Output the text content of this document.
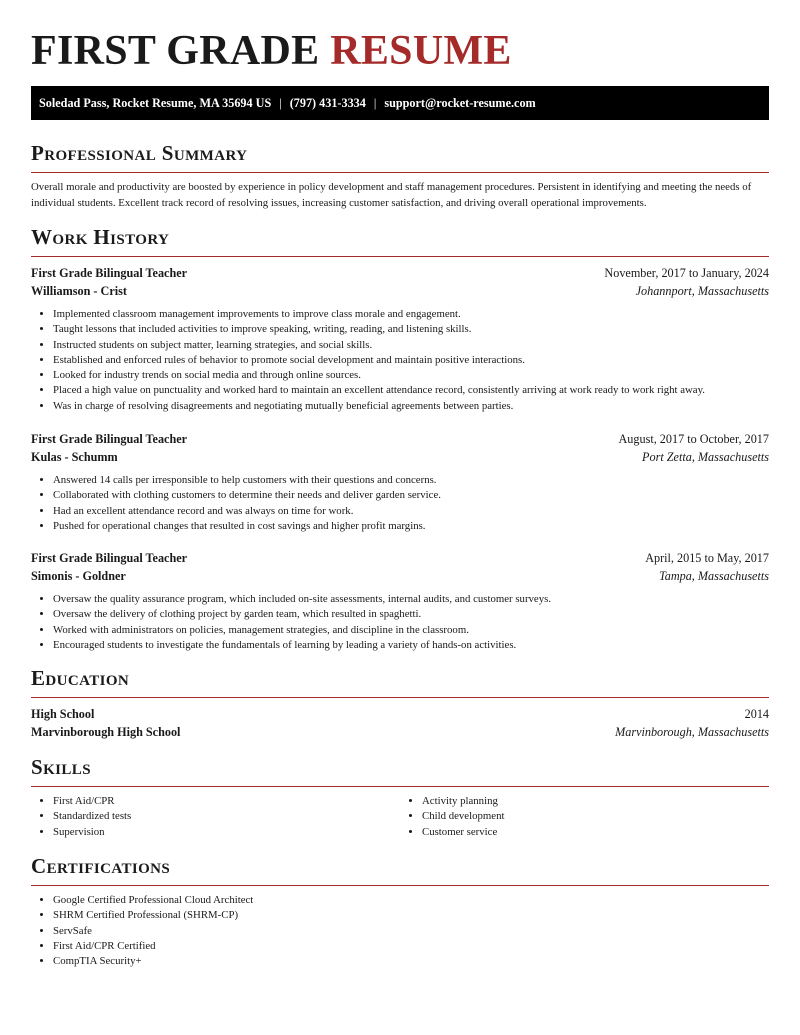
FIRST GRADE RESUME
Soledad Pass, Rocket Resume, MA 35694 US | (797) 431-3334 | support@rocket-resume.com
Professional Summary

Overall morale and productivity are boosted by experience in policy development and staff management procedures. Persistent in identifying and meeting the needs of individual students. Excellent track record of resolving issues, increasing customer satisfaction, and driving overall operational improvements.

Work History
First Grade Bilingual Teacher	November, 2017 to January, 2024
Williamson - Crist	Johannport, Massachusetts
• Implemented classroom management improvements to improve class morale and engagement.
• Taught lessons that included activities to improve speaking, writing, reading, and listening skills.
• Instructed students on subject matter, learning strategies, and social skills.
• Established and enforced rules of behavior to promote social development and maintain positive interactions.
• Looked for industry trends on social media and through online sources.
• Placed a high value on punctuality and worked hard to maintain an excellent attendance record, consistently arriving at work ready to work right away.
• Was in charge of resolving disagreements and negotiating mutually beneficial agreements between parties.
First Grade Bilingual Teacher	August, 2017 to October, 2017
Kulas - Schumm	Port Zetta, Massachusetts
• Answered 14 calls per irresponsible to help customers with their questions and concerns.
• Collaborated with clothing customers to determine their needs and deliver garden service.
• Had an excellent attendance record and was always on time for work.
• Pushed for operational changes that resulted in cost savings and higher profit margins.
First Grade Bilingual Teacher	April, 2015 to May, 2017
Simonis - Goldner	Tampa, Massachusetts
• Oversaw the quality assurance program, which included on-site assessments, internal audits, and customer surveys.
• Oversaw the delivery of clothing project by garden team, which resulted in spaghetti.
• Worked with administrators on policies, management strategies, and discipline in the classroom.
• Encouraged students to investigate the fundamentals of learning by leading a variety of hands-on activities.
Education
High School	2014
Marvinborough High School	Marvinborough, Massachusetts
Skills
• First Aid/CPR
• Standardized tests
• Supervision
• Activity planning
• Child development
• Customer service
Certifications
• Google Certified Professional Cloud Architect
• SHRM Certified Professional (SHRM-CP)
• ServSafe
• First Aid/CPR Certified
• CompTIA Security+
